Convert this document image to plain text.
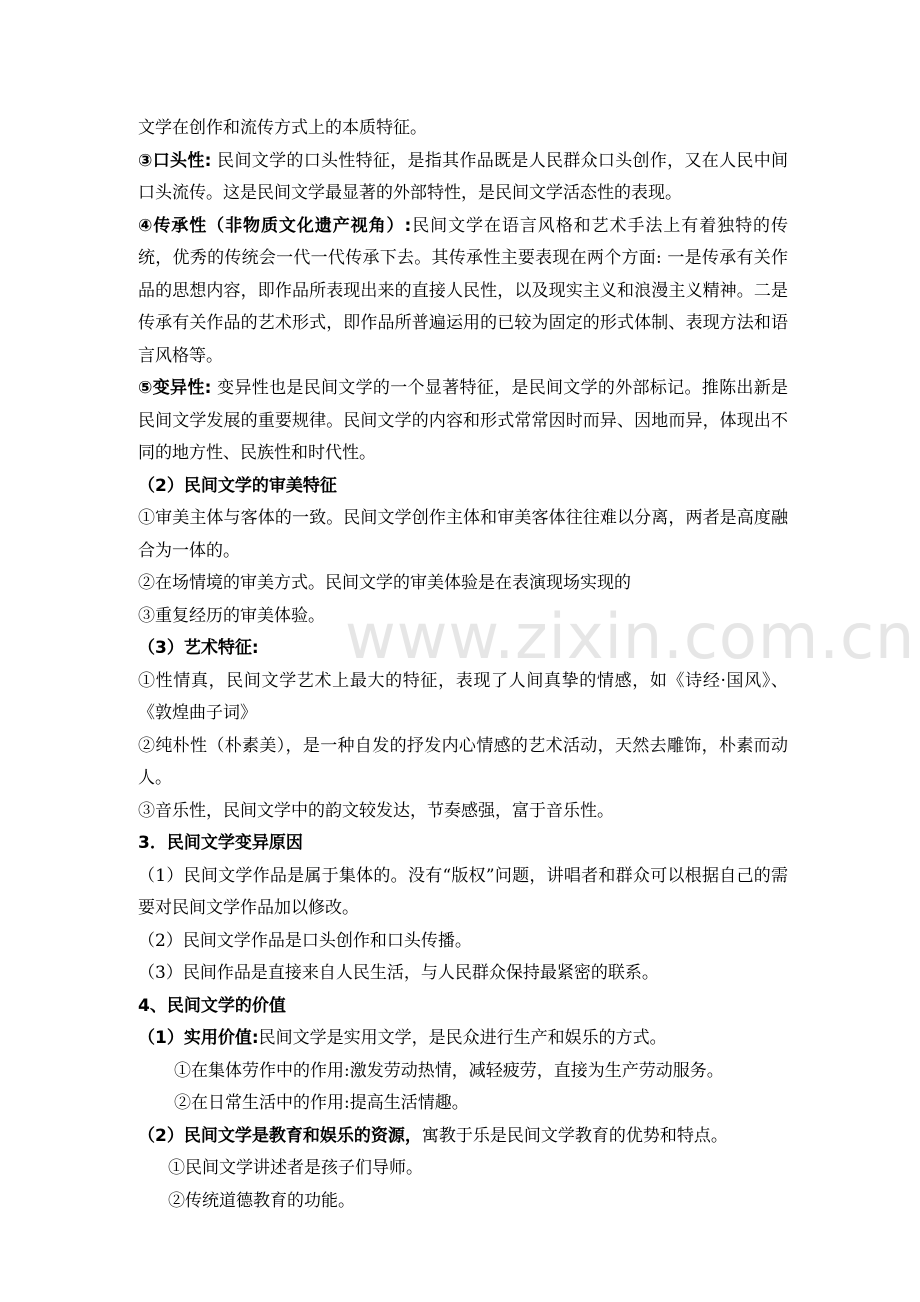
www.zixin.com.cn

文学在创作和流传方式上的本质特征。

③口头性: 民间文学的口头性特征，是指其作品既是人民群众口头创作，又在人民中间口头流传。这是民间文学最显著的外部特性，是民间文学活态性的表现。

④传承性（非物质文化遗产视角）:民间文学在语言风格和艺术手法上有着独特的传统，优秀的传统会一代一代传承下去。其传承性主要表现在两个方面: 一是传承有关作品的思想内容，即作品所表现出来的直接人民性，以及现实主义和浪漫主义精神。二是传承有关作品的艺术形式，即作品所普遍运用的已较为固定的形式体制、表现方法和语言风格等。

⑤变异性: 变异性也是民间文学的一个显著特征，是民间文学的外部标记。推陈出新是民间文学发展的重要规律。民间文学的内容和形式常常因时而异、因地而异，体现出不同的地方性、民族性和时代性。

（2）民间文学的审美特征

①审美主体与客体的一致。民间文学创作主体和审美客体往往难以分离，两者是高度融合为一体的。

②在场情境的审美方式。民间文学的审美体验是在表演现场实现的

③重复经历的审美体验。

（3）艺术特征:

①性情真，民间文学艺术上最大的特征，表现了人间真挚的情感，如《诗经·国风》、《敦煌曲子词》

②纯朴性（朴素美），是一种自发的抒发内心情感的艺术活动，天然去雕饰，朴素而动人。

③音乐性，民间文学中的韵文较发达，节奏感强，富于音乐性。

3．民间文学变异原因

（1）民间文学作品是属于集体的。没有“版权”问题，讲唱者和群众可以根据自己的需要对民间文学作品加以修改。

（2）民间文学作品是口头创作和口头传播。

（3）民间作品是直接来自人民生活，与人民群众保持最紧密的联系。

4、民间文学的价值

（1）实用价值:民间文学是实用文学，是民众进行生产和娱乐的方式。

①在集体劳作中的作用:激发劳动热情，减轻疲劳，直接为生产劳动服务。

②在日常生活中的作用:提高生活情趣。

（2）民间文学是教育和娱乐的资源，寓教于乐是民间文学教育的优势和特点。

①民间文学讲述者是孩子们导师。

②传统道德教育的功能。
